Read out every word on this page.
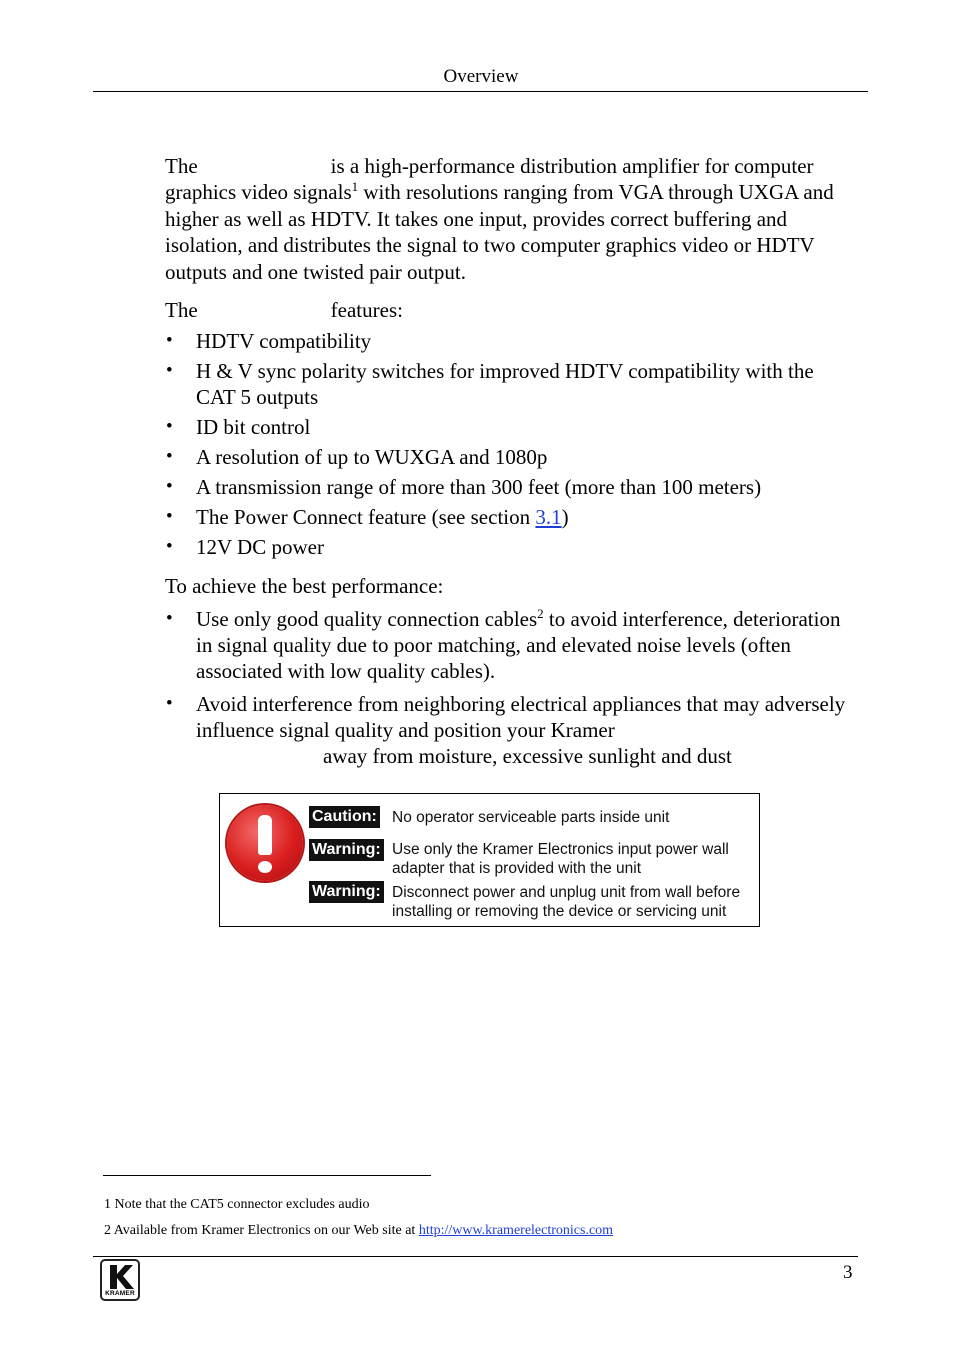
Overview
The	is a high-performance distribution amplifier for computer
graphics video signals$^1$ with resolutions ranging from VGA through UXGA and higher as well as HDTV. It takes one input, provides correct buffering and isolation, and distributes the signal to two computer graphics video or HDTV outputs and one twisted pair output.
The	features:
• HDTV compatibility
• H & V sync polarity switches for improved HDTV compatibility with the CAT 5 outputs
• ID bit control
• A resolution of up to WUXGA and 1080p
• A transmission range of more than 300 feet (more than 100 meters)
• The Power Connect feature (see section 3.1)
• 12V DC power
To achieve the best performance:
• Use only good quality connection cables$^2$ to avoid interference, deterioration in signal quality due to poor matching, and elevated noise levels (often associated with low quality cables).
• Avoid interference from neighboring electrical appliances that may adversely influence signal quality and position your Kramer
away from moisture, excessive sunlight and dust
Caution: No operator serviceable parts inside unit
Warning: Use only the Kramer Electronics input power wall adapter that is provided with the unit
Warning: Disconnect power and unplug unit from wall before installing or removing the device or servicing unit
1 Note that the CAT5 connector excludes audio
2 Available from Kramer Electronics on our Web site at http://www.kramerelectronics.com
KRAMER
3
